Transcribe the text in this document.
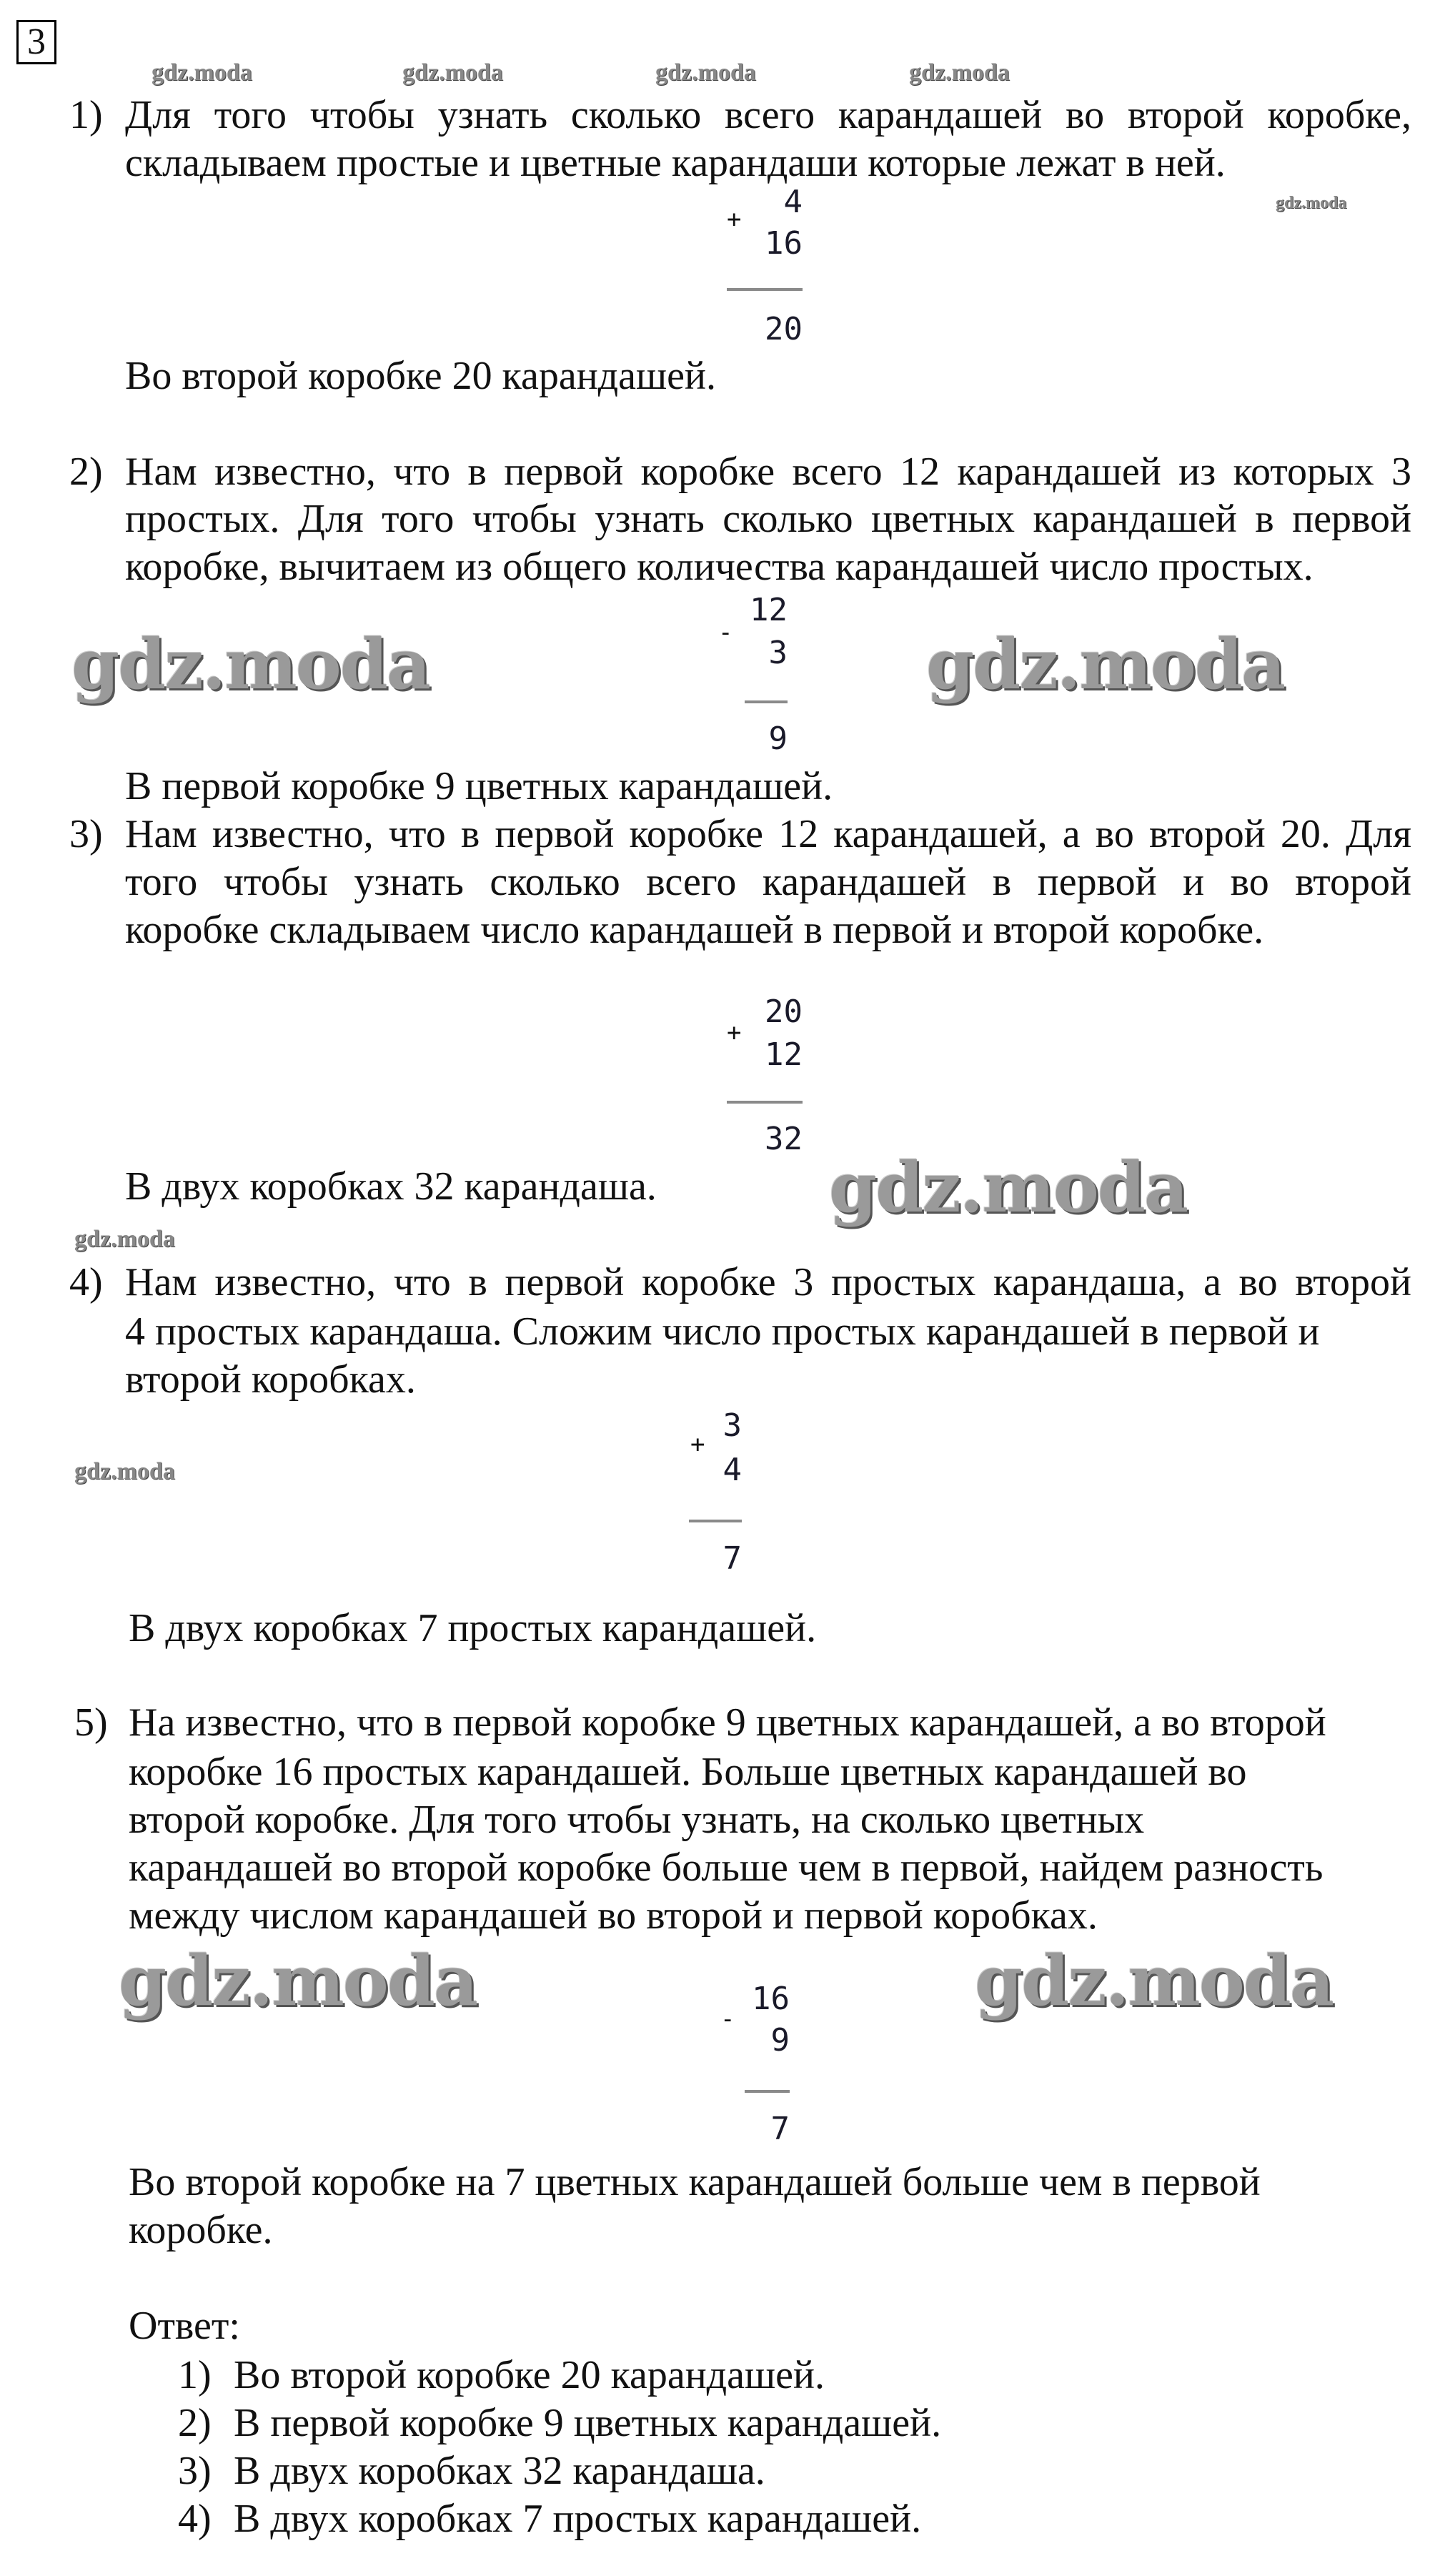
3
gdz.moda	gdz.moda	gdz.moda	gdz.moda
gdz.moda
gdz.moda
gdz.moda
gdz.moda	gdz.moda
gdz.moda
gdz.moda	gdz.moda
1) Для того чтобы узнать сколько всего карандашей во второй коробке,
складываем простые и цветные карандаши которые лежат в ней.
+ 4
16
20
Во второй коробке 20 карандашей.
2) Нам известно, что в первой коробке всего 12 карандашей из которых 3
простых. Для того чтобы узнать сколько цветных карандашей в первой
коробке, вычитаем из общего количества карандашей число простых.
-
12
3
9
В первой коробке 9 цветных карандашей.
3) Нам известно, что в первой коробке 12 карандашей, а во второй 20. Для
того чтобы узнать сколько всего карандашей в первой и во второй
коробке складываем число карандашей в первой и второй коробке.
+
20
12
32
В двух коробках 32 карандаша.
4) Нам известно, что в первой коробке 3 простых карандаша, а во второй
4 простых карандаша. Сложим число простых карандашей в первой и
второй коробках.
+
3
4
7
В двух коробках 7 простых карандашей.
5) На известно, что в первой коробке 9 цветных карандашей, а во второй
коробке 16 простых карандашей. Больше цветных карандашей во
второй коробке. Для того чтобы узнать, на сколько цветных
карандашей во второй коробке больше чем в первой, найдем разность
между числом карандашей во второй и первой коробках.
-
16
9
7
Во второй коробке на 7 цветных карандашей больше чем в первой
коробке.
Ответ:
1) Во второй коробке 20 карандашей.
2) В первой коробке 9 цветных карандашей.
3) В двух коробках 32 карандаша.
4) В двух коробках 7 простых карандашей.
